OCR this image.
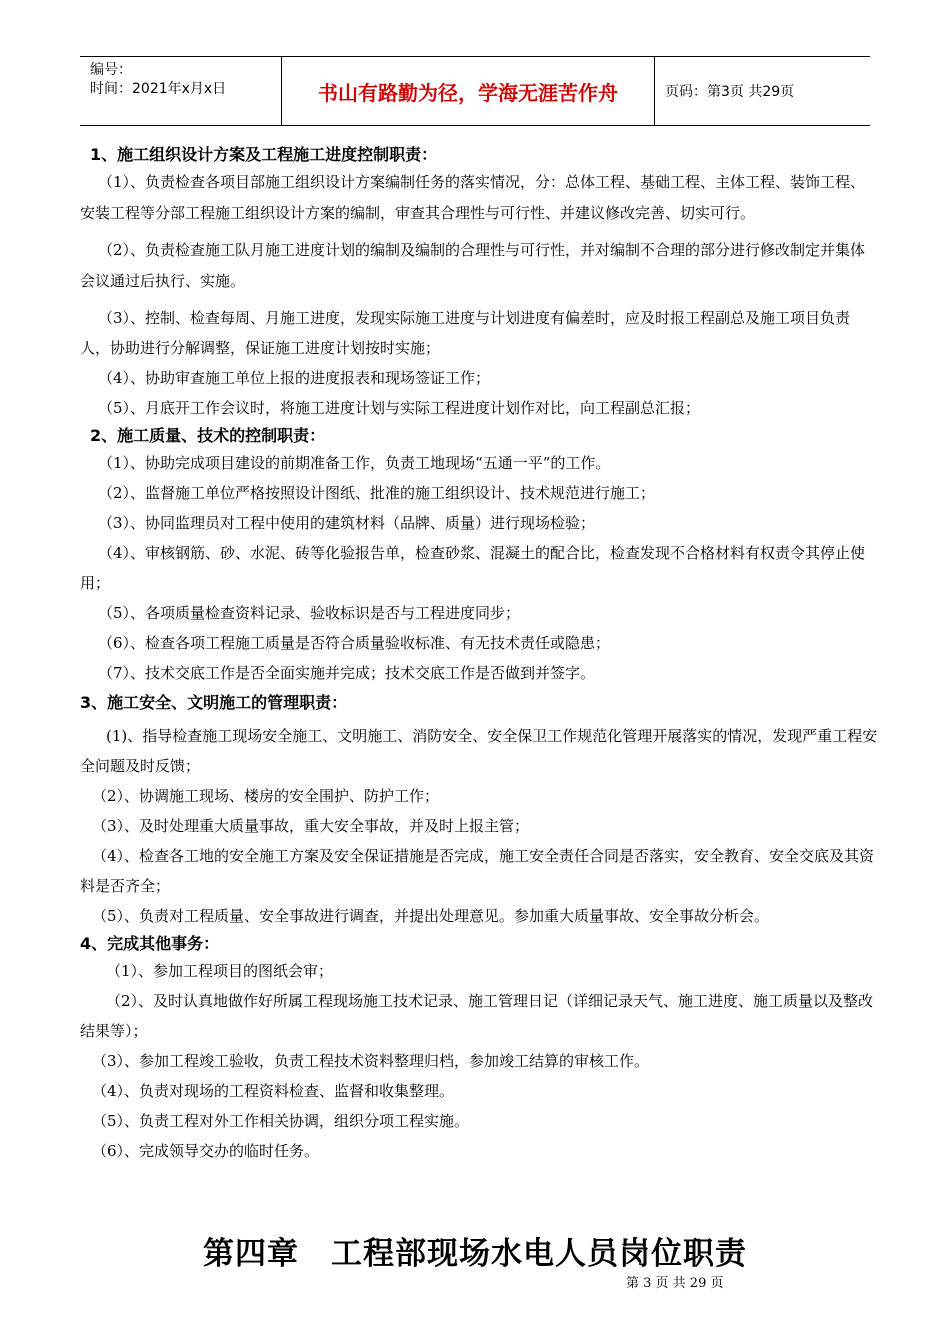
编号：
时间：2021年x月x日	书山有路勤为径，学海无涯苦作舟	页码：第3页 共29页

1、施工组织设计方案及工程施工进度控制职责：

（1）、负责检查各项目部施工组织设计方案编制任务的落实情况，分：总体工程、基础工程、主体工程、装饰工程、安装工程等分部工程施工组织设计方案的编制，审查其合理性与可行性、并建议修改完善、切实可行。

（2）、负责检查施工队月施工进度计划的编制及编制的合理性与可行性，并对编制不合理的部分进行修改制定并集体会议通过后执行、实施。

（3）、控制、检查每周、月施工进度，发现实际施工进度与计划进度有偏差时，应及时报工程副总及施工项目负责人，协助进行分解调整，保证施工进度计划按时实施；

（4）、协助审查施工单位上报的进度报表和现场签证工作；

（5）、月底开工作会议时，将施工进度计划与实际工程进度计划作对比，向工程副总汇报；

2、施工质量、技术的控制职责：

（1）、协助完成项目建设的前期准备工作，负责工地现场“五通一平”的工作。

（2）、监督施工单位严格按照设计图纸、批准的施工组织设计、技术规范进行施工；

（3）、协同监理员对工程中使用的建筑材料（品牌、质量）进行现场检验；

（4）、审核钢筋、砂、水泥、砖等化验报告单，检查砂浆、混凝土的配合比，检查发现不合格材料有权责令其停止使用；

（5）、各项质量检查资料记录、验收标识是否与工程进度同步；

（6）、检查各项工程施工质量是否符合质量验收标准、有无技术责任或隐患；

（7）、技术交底工作是否全面实施并完成；技术交底工作是否做到并签字。

3、施工安全、文明施工的管理职责：

(1)、指导检查施工现场安全施工、文明施工、消防安全、安全保卫工作规范化管理开展落实的情况，发现严重工程安全问题及时反馈；

（2）、协调施工现场、楼房的安全围护、防护工作；

（3）、及时处理重大质量事故，重大安全事故，并及时上报主管；

（4）、检查各工地的安全施工方案及安全保证措施是否完成，施工安全责任合同是否落实，安全教育、安全交底及其资料是否齐全；

（5）、负责对工程质量、安全事故进行调查，并提出处理意见。参加重大质量事故、安全事故分析会。

4、完成其他事务：

（1）、参加工程项目的图纸会审；

（2）、及时认真地做作好所属工程现场施工技术记录、施工管理日记（详细记录天气、施工进度、施工质量以及整改结果等）；

（3）、参加工程竣工验收，负责工程技术资料整理归档，参加竣工结算的审核工作。

（4）、负责对现场的工程资料检查、监督和收集整理。

（5）、负责工程对外工作相关协调，组织分项工程实施。

（6）、完成领导交办的临时任务。

第四章　工程部现场水电人员岗位职责
第 3 页 共 29 页
